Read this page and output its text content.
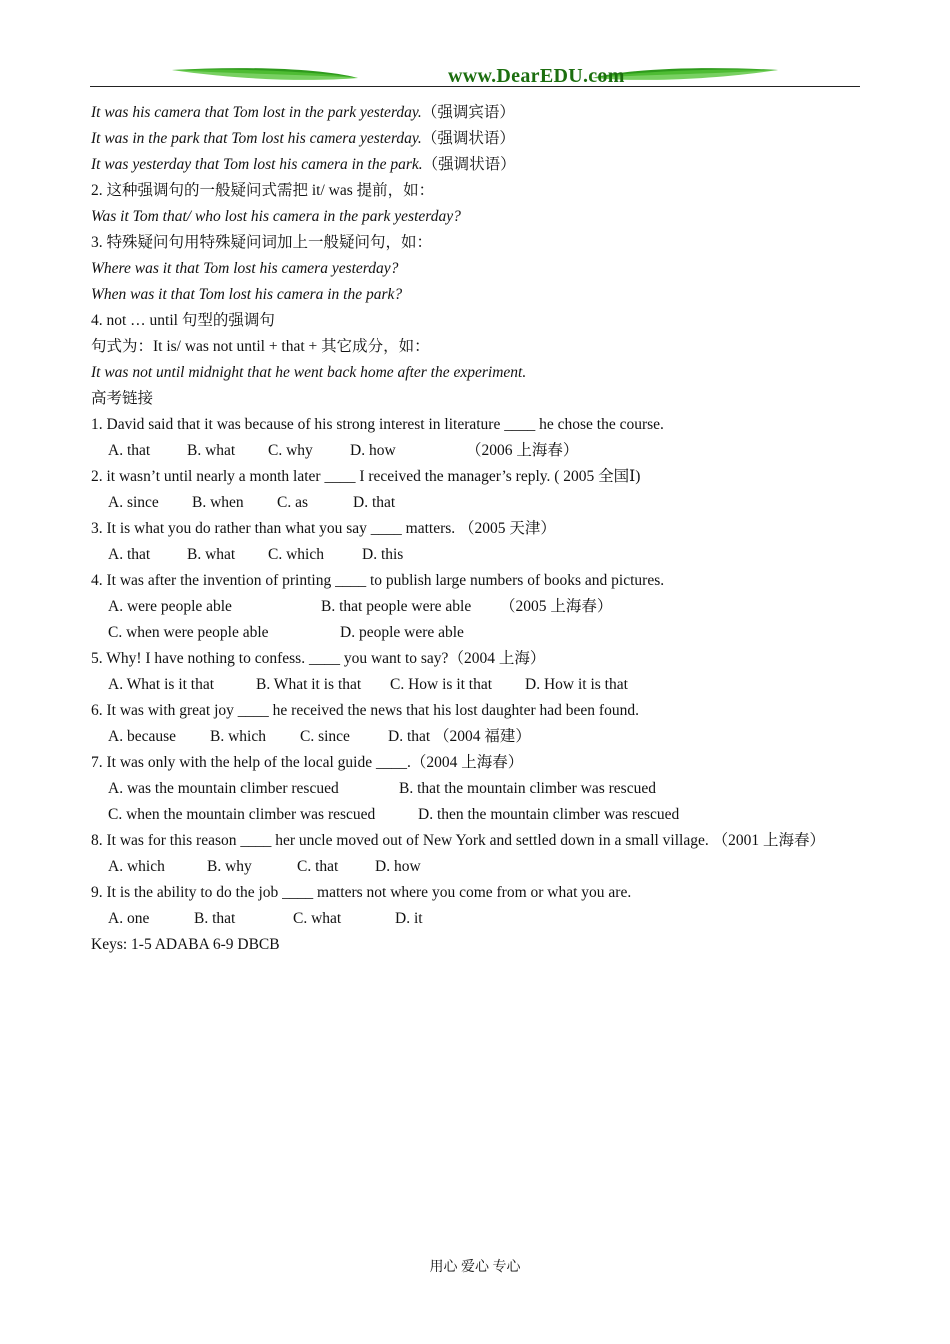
www.DearEDU.com
It was his camera that Tom lost in the park yesterday.（强调宾语）
It was in the park that Tom lost his camera yesterday.（强调状语）
It was yesterday that Tom lost his camera in the park.（强调状语）
2. 这种强调句的一般疑问式需把 it/ was 提前，如：
Was it Tom that/ who lost his camera in the park yesterday?
3. 特殊疑问句用特殊疑问词加上一般疑问句，如：
Where was it that Tom lost his camera yesterday?
When was it that Tom lost his camera in the park?
4. not … until 句型的强调句
句式为：It is/ was not until + that + 其它成分，如：
It was not until midnight that he went back home after the experiment.
高考链接
1. David said that it was because of his strong interest in literature ____ he chose the course.
A. that B. what C. why D. how	（2006 上海春）
2. it wasn’t until nearly a month later ____ I received the manager’s reply. ( 2005 全国Ⅰ)
A. since B. when C. as	D. that
3. It is what you do rather than what you say ____ matters. （2005 天津）
A. that B. what C. which D. this
4. It was after the invention of printing ____ to publish large numbers of books and pictures.
A. were people able	B. that people were able （2005 上海春）
C. when were people able	D. people were able
5. Why! I have nothing to confess. ____ you want to say?（2004 上海）
A. What is it that	B. What it is that C. How is it that D. How it is that
6. It was with great joy ____ he received the news that his lost daughter had been found.
A. because B. which C. since D. that （2004 福建）
7. It was only with the help of the local guide ____.（2004 上海春）
A. was the mountain climber rescued	B. that the mountain climber was rescued
C. when the mountain climber was rescued	D. then the mountain climber was rescued
8. It was for this reason ____ her uncle moved out of New York and settled down in a small village. （2001 上海春）
A. which	B. why	C. that D. how
9. It is the ability to do the job ____ matters not where you come from or what you are.
A. one	B. that	C. what	D. it
Keys: 1-5 ADABA 6-9 DBCB
用心 爱心 专心
